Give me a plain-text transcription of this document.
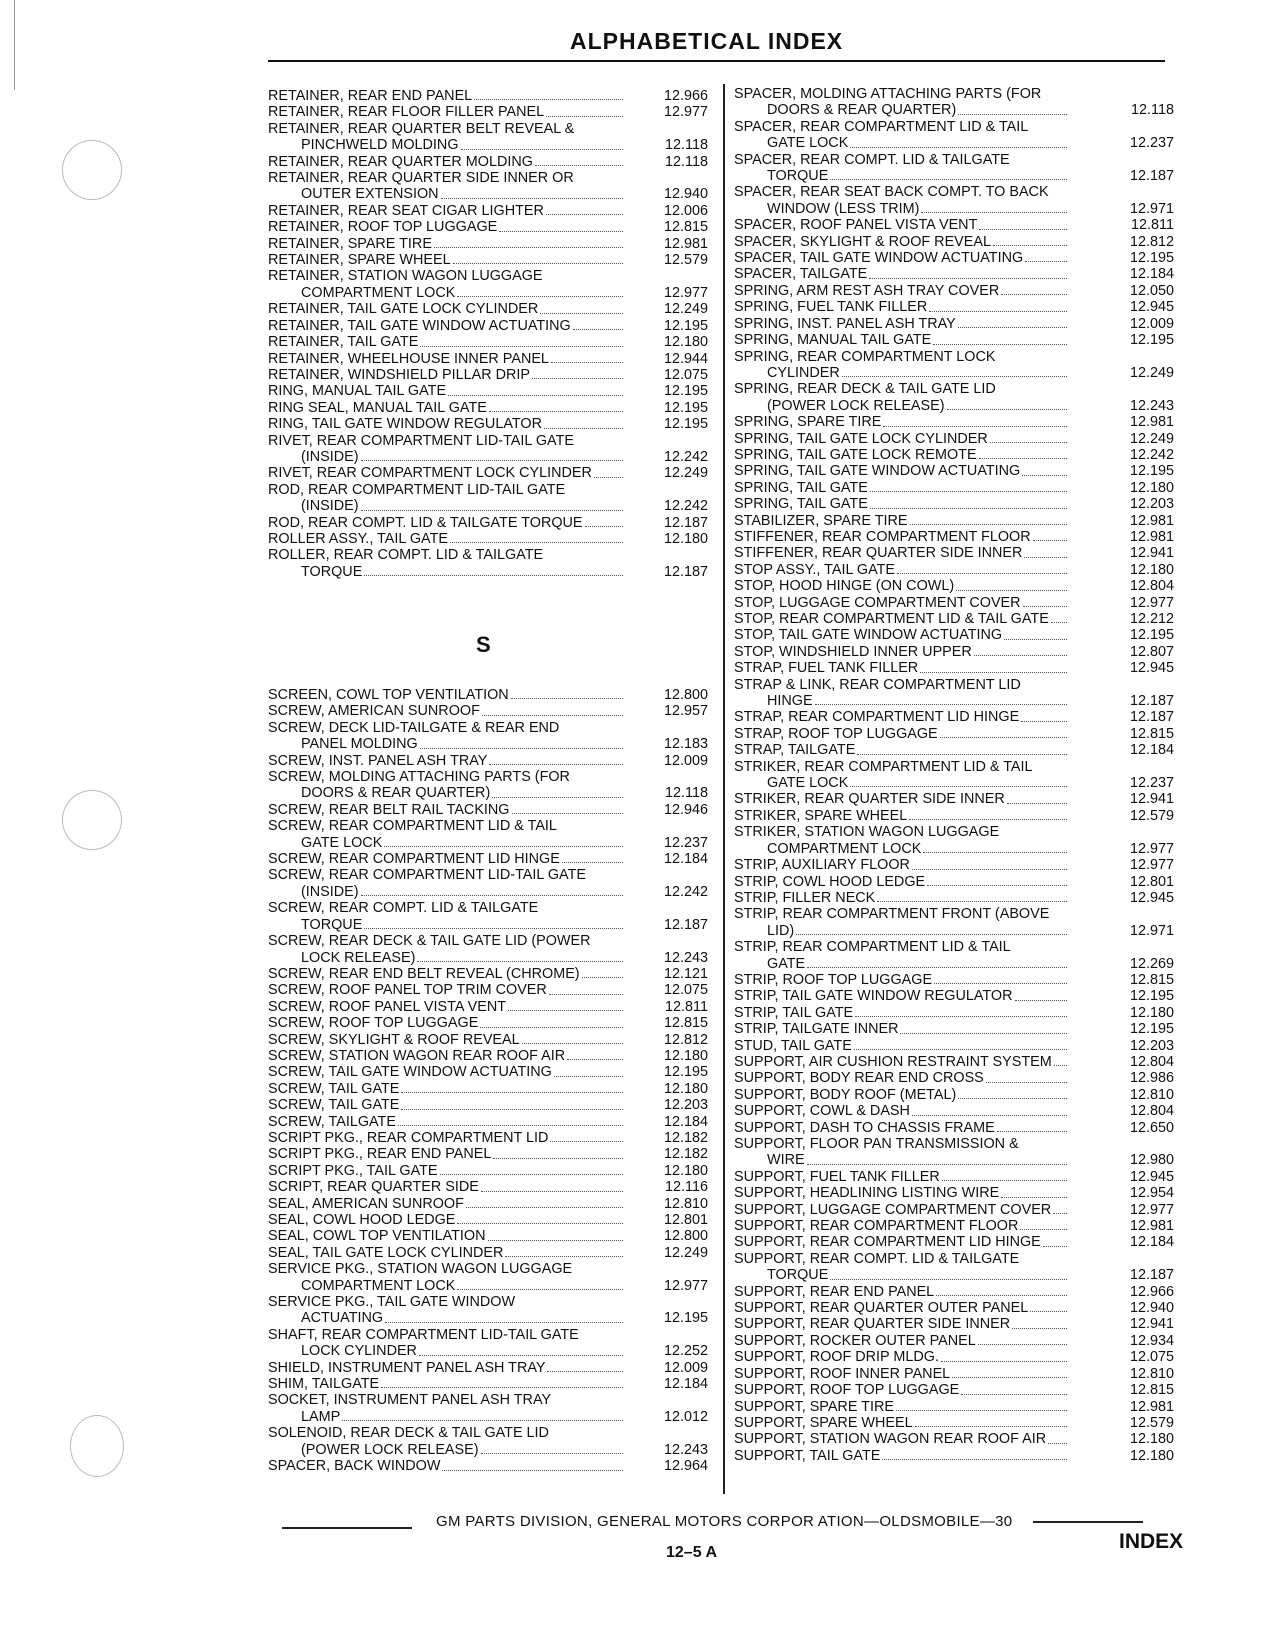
ALPHABETICAL INDEX
RETAINER, REAR END PANEL	12.966
RETAINER, REAR FLOOR FILLER PANEL	12.977
RETAINER, REAR QUARTER BELT REVEAL &
PINCHWELD MOLDING	12.118
RETAINER, REAR QUARTER MOLDING	12.118
RETAINER, REAR QUARTER SIDE INNER OR
OUTER EXTENSION	12.940
RETAINER, REAR SEAT CIGAR LIGHTER	12.006
RETAINER, ROOF TOP LUGGAGE	12.815
RETAINER, SPARE TIRE	12.981
RETAINER, SPARE WHEEL	12.579
RETAINER, STATION WAGON LUGGAGE
COMPARTMENT LOCK	12.977
RETAINER, TAIL GATE LOCK CYLINDER	12.249
RETAINER, TAIL GATE WINDOW ACTUATING	12.195
RETAINER, TAIL GATE	12.180
RETAINER, WHEELHOUSE INNER PANEL	12.944
RETAINER, WINDSHIELD PILLAR DRIP	12.075
RING, MANUAL TAIL GATE	12.195
RING SEAL, MANUAL TAIL GATE	12.195
RING, TAIL GATE WINDOW REGULATOR	12.195
RIVET, REAR COMPARTMENT LID-TAIL GATE
(INSIDE)	12.242
RIVET, REAR COMPARTMENT LOCK CYLINDER	12.249
ROD, REAR COMPARTMENT LID-TAIL GATE
(INSIDE)	12.242
ROD, REAR COMPT. LID & TAILGATE TORQUE	12.187
ROLLER ASSY., TAIL GATE	12.180
ROLLER, REAR COMPT. LID & TAILGATE
TORQUE	12.187
S
SCREEN, COWL TOP VENTILATION	12.800
SCREW, AMERICAN SUNROOF	12.957
SCREW, DECK LID-TAILGATE & REAR END
PANEL MOLDING	12.183
SCREW, INST. PANEL ASH TRAY	12.009
SCREW, MOLDING ATTACHING PARTS (FOR
DOORS & REAR QUARTER)	12.118
SCREW, REAR BELT RAIL TACKING	12.946
SCREW, REAR COMPARTMENT LID & TAIL
GATE LOCK	12.237
SCREW, REAR COMPARTMENT LID HINGE	12.184
SCREW, REAR COMPARTMENT LID-TAIL GATE
(INSIDE)	12.242
SCREW, REAR COMPT. LID & TAILGATE
TORQUE	12.187
SCREW, REAR DECK & TAIL GATE LID (POWER
LOCK RELEASE)	12.243
SCREW, REAR END BELT REVEAL (CHROME)	12.121
SCREW, ROOF PANEL TOP TRIM COVER	12.075
SCREW, ROOF PANEL VISTA VENT	12.811
SCREW, ROOF TOP LUGGAGE	12.815
SCREW, SKYLIGHT & ROOF REVEAL	12.812
SCREW, STATION WAGON REAR ROOF AIR	12.180
SCREW, TAIL GATE WINDOW ACTUATING	12.195
SCREW, TAIL GATE	12.180
SCREW, TAIL GATE	12.203
SCREW, TAILGATE	12.184
SCRIPT PKG., REAR COMPARTMENT LID	12.182
SCRIPT PKG., REAR END PANEL	12.182
SCRIPT PKG., TAIL GATE	12.180
SCRIPT, REAR QUARTER SIDE	12.116
SEAL, AMERICAN SUNROOF	12.810
SEAL, COWL HOOD LEDGE	12.801
SEAL, COWL TOP VENTILATION	12.800
SEAL, TAIL GATE LOCK CYLINDER	12.249
SERVICE PKG., STATION WAGON LUGGAGE
COMPARTMENT LOCK	12.977
SERVICE PKG., TAIL GATE WINDOW
ACTUATING	12.195
SHAFT, REAR COMPARTMENT LID-TAIL GATE
LOCK CYLINDER	12.252
SHIELD, INSTRUMENT PANEL ASH TRAY	12.009
SHIM, TAILGATE	12.184
SOCKET, INSTRUMENT PANEL ASH TRAY
LAMP	12.012
SOLENOID, REAR DECK & TAIL GATE LID
(POWER LOCK RELEASE)	12.243
SPACER, BACK WINDOW	12.964
SPACER, MOLDING ATTACHING PARTS (FOR
DOORS & REAR QUARTER)	12.118
SPACER, REAR COMPARTMENT LID & TAIL
GATE LOCK	12.237
SPACER, REAR COMPT. LID & TAILGATE
TORQUE	12.187
SPACER, REAR SEAT BACK COMPT. TO BACK
WINDOW (LESS TRIM)	12.971
SPACER, ROOF PANEL VISTA VENT	12.811
SPACER, SKYLIGHT & ROOF REVEAL	12.812
SPACER, TAIL GATE WINDOW ACTUATING	12.195
SPACER, TAILGATE	12.184
SPRING, ARM REST ASH TRAY COVER	12.050
SPRING, FUEL TANK FILLER	12.945
SPRING, INST. PANEL ASH TRAY	12.009
SPRING, MANUAL TAIL GATE	12.195
SPRING, REAR COMPARTMENT LOCK
CYLINDER	12.249
SPRING, REAR DECK & TAIL GATE LID
(POWER LOCK RELEASE)	12.243
SPRING, SPARE TIRE	12.981
SPRING, TAIL GATE LOCK CYLINDER	12.249
SPRING, TAIL GATE LOCK REMOTE	12.242
SPRING, TAIL GATE WINDOW ACTUATING	12.195
SPRING, TAIL GATE	12.180
SPRING, TAIL GATE	12.203
STABILIZER, SPARE TIRE	12.981
STIFFENER, REAR COMPARTMENT FLOOR	12.981
STIFFENER, REAR QUARTER SIDE INNER	12.941
STOP ASSY., TAIL GATE	12.180
STOP, HOOD HINGE (ON COWL)	12.804
STOP, LUGGAGE COMPARTMENT COVER	12.977
STOP, REAR COMPARTMENT LID & TAIL GATE	12.212
STOP, TAIL GATE WINDOW ACTUATING	12.195
STOP, WINDSHIELD INNER UPPER	12.807
STRAP, FUEL TANK FILLER	12.945
STRAP & LINK, REAR COMPARTMENT LID
HINGE	12.187
STRAP, REAR COMPARTMENT LID HINGE	12.187
STRAP, ROOF TOP LUGGAGE	12.815
STRAP, TAILGATE	12.184
STRIKER, REAR COMPARTMENT LID & TAIL
GATE LOCK	12.237
STRIKER, REAR QUARTER SIDE INNER	12.941
STRIKER, SPARE WHEEL	12.579
STRIKER, STATION WAGON LUGGAGE
COMPARTMENT LOCK	12.977
STRIP, AUXILIARY FLOOR	12.977
STRIP, COWL HOOD LEDGE	12.801
STRIP, FILLER NECK	12.945
STRIP, REAR COMPARTMENT FRONT (ABOVE
LID)	12.971
STRIP, REAR COMPARTMENT LID & TAIL
GATE	12.269
STRIP, ROOF TOP LUGGAGE	12.815
STRIP, TAIL GATE WINDOW REGULATOR	12.195
STRIP, TAIL GATE	12.180
STRIP, TAILGATE INNER	12.195
STUD, TAIL GATE	12.203
SUPPORT, AIR CUSHION RESTRAINT SYSTEM	12.804
SUPPORT, BODY REAR END CROSS	12.986
SUPPORT, BODY ROOF (METAL)	12.810
SUPPORT, COWL & DASH	12.804
SUPPORT, DASH TO CHASSIS FRAME	12.650
SUPPORT, FLOOR PAN TRANSMISSION &
WIRE	12.980
SUPPORT, FUEL TANK FILLER	12.945
SUPPORT, HEADLINING LISTING WIRE	12.954
SUPPORT, LUGGAGE COMPARTMENT COVER	12.977
SUPPORT, REAR COMPARTMENT FLOOR	12.981
SUPPORT, REAR COMPARTMENT LID HINGE	12.184
SUPPORT, REAR COMPT. LID & TAILGATE
TORQUE	12.187
SUPPORT, REAR END PANEL	12.966
SUPPORT, REAR QUARTER OUTER PANEL	12.940
SUPPORT, REAR QUARTER SIDE INNER	12.941
SUPPORT, ROCKER OUTER PANEL	12.934
SUPPORT, ROOF DRIP MLDG.	12.075
SUPPORT, ROOF INNER PANEL	12.810
SUPPORT, ROOF TOP LUGGAGE	12.815
SUPPORT, SPARE TIRE	12.981
SUPPORT, SPARE WHEEL	12.579
SUPPORT, STATION WAGON REAR ROOF AIR	12.180
SUPPORT, TAIL GATE	12.180
GM PARTS DIVISION, GENERAL MOTORS CORPOR ATION—OLDSMOBILE—30
12–5 A	INDEX
